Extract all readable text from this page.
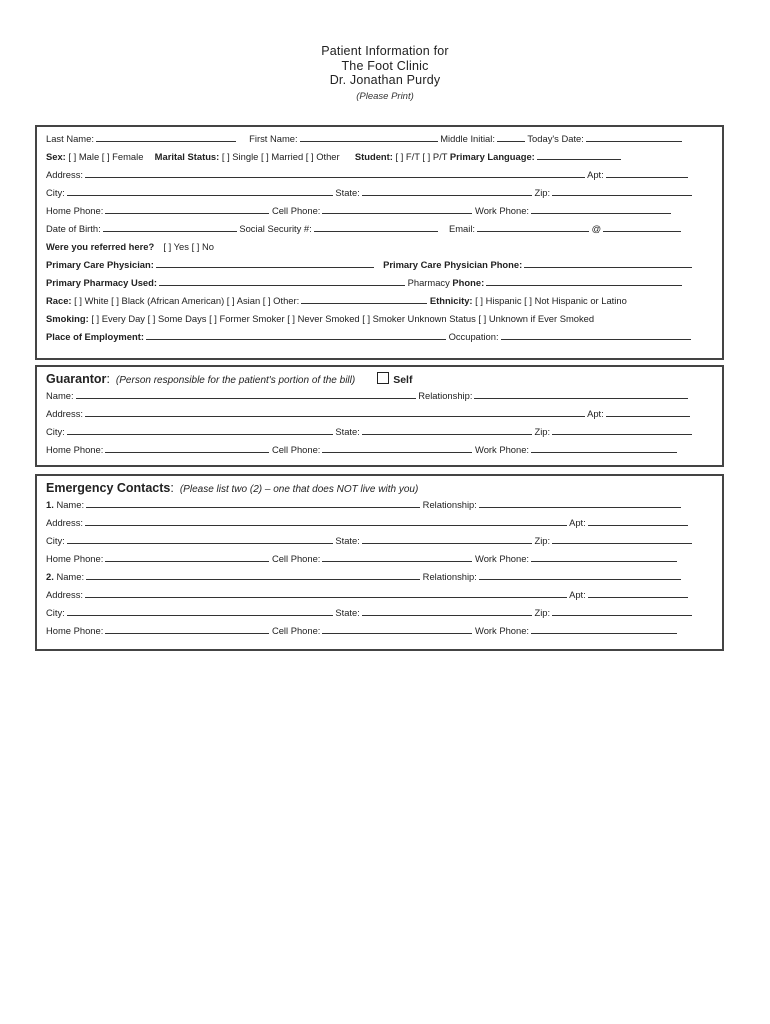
Patient Information for
The Foot Clinic
Dr. Jonathan Purdy
(Please Print)
Last Name:	First Name:	Middle Initial:	Today's Date:
Sex: [ ] Male [ ] Female Marital Status: [ ] Single [ ] Married [ ] Other Student: [ ] F/T [ ] P/T Primary Language:
Address:	Apt:
City:	State:	Zip:
Home Phone:	Cell Phone:	Work Phone:
Date of Birth:	Social Security #:	Email:	@
Were you referred here? [ ] Yes [ ] No
Primary Care Physician:	Primary Care Physician Phone:
Primary Pharmacy Used:	Pharmacy Phone:
Race: [ ] White [ ] Black (African American) [ ] Asian [ ] Other:	Ethnicity: [ ] Hispanic [ ] Not Hispanic or Latino
Smoking: [ ] Every Day [ ] Some Days [ ] Former Smoker [ ] Never Smoked [ ] Smoker Unknown Status [ ] Unknown if Ever Smoked
Place of Employment:	Occupation:
Guarantor: (Person responsible for the patient's portion of the bill)	Self
Name:	Relationship:
Address:	Apt:
City:	State:	Zip:
Home Phone:	Cell Phone:	Work Phone:
Emergency Contacts: (Please list two (2) – one that does NOT live with you)
1. Name:	Relationship:
Address:	Apt:
City:	State:	Zip:
Home Phone:	Cell Phone:	Work Phone:
2. Name:	Relationship:
Address:	Apt:
City:	State:	Zip:
Home Phone:	Cell Phone:	Work Phone:
